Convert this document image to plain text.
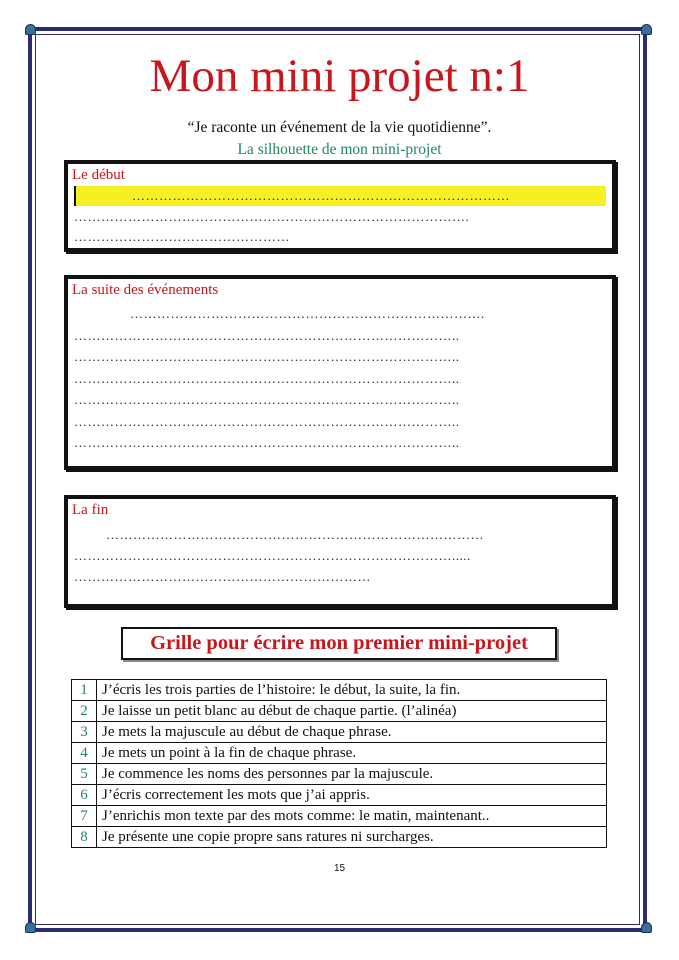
Mon mini projet n:1
“Je raconte un événement de la vie quotidienne”.
La silhouette de mon mini-projet
Le début
…………………………………………………………………………
…………………………………………………………………………….
…………………………………………
La suite des événements
…………………………………………………………………….
…………………………………………………………………………..
…………………………………………………………………………..
…………………………………………………………………………..
…………………………………………………………………………..
…………………………………………………………………………..
…………………………………………………………………………..
La fin
…………………………………………………………………………
………………………………………………………………………….....
…………………………………………………………
Grille pour écrire mon premier mini-projet
1	J’écris les trois parties de l’histoire: le début, la suite, la fin.
2	Je laisse un petit blanc au début de chaque partie. (l’alinéa)
3	Je mets la majuscule au début de chaque phrase.
4	Je mets un point à la fin de chaque phrase.
5	Je commence les noms des personnes par la majuscule.
6	J’écris correctement les mots que j’ai appris.
7	J’enrichis mon texte par des mots comme: le matin, maintenant..
8	Je présente une copie propre sans ratures ni surcharges.
15
